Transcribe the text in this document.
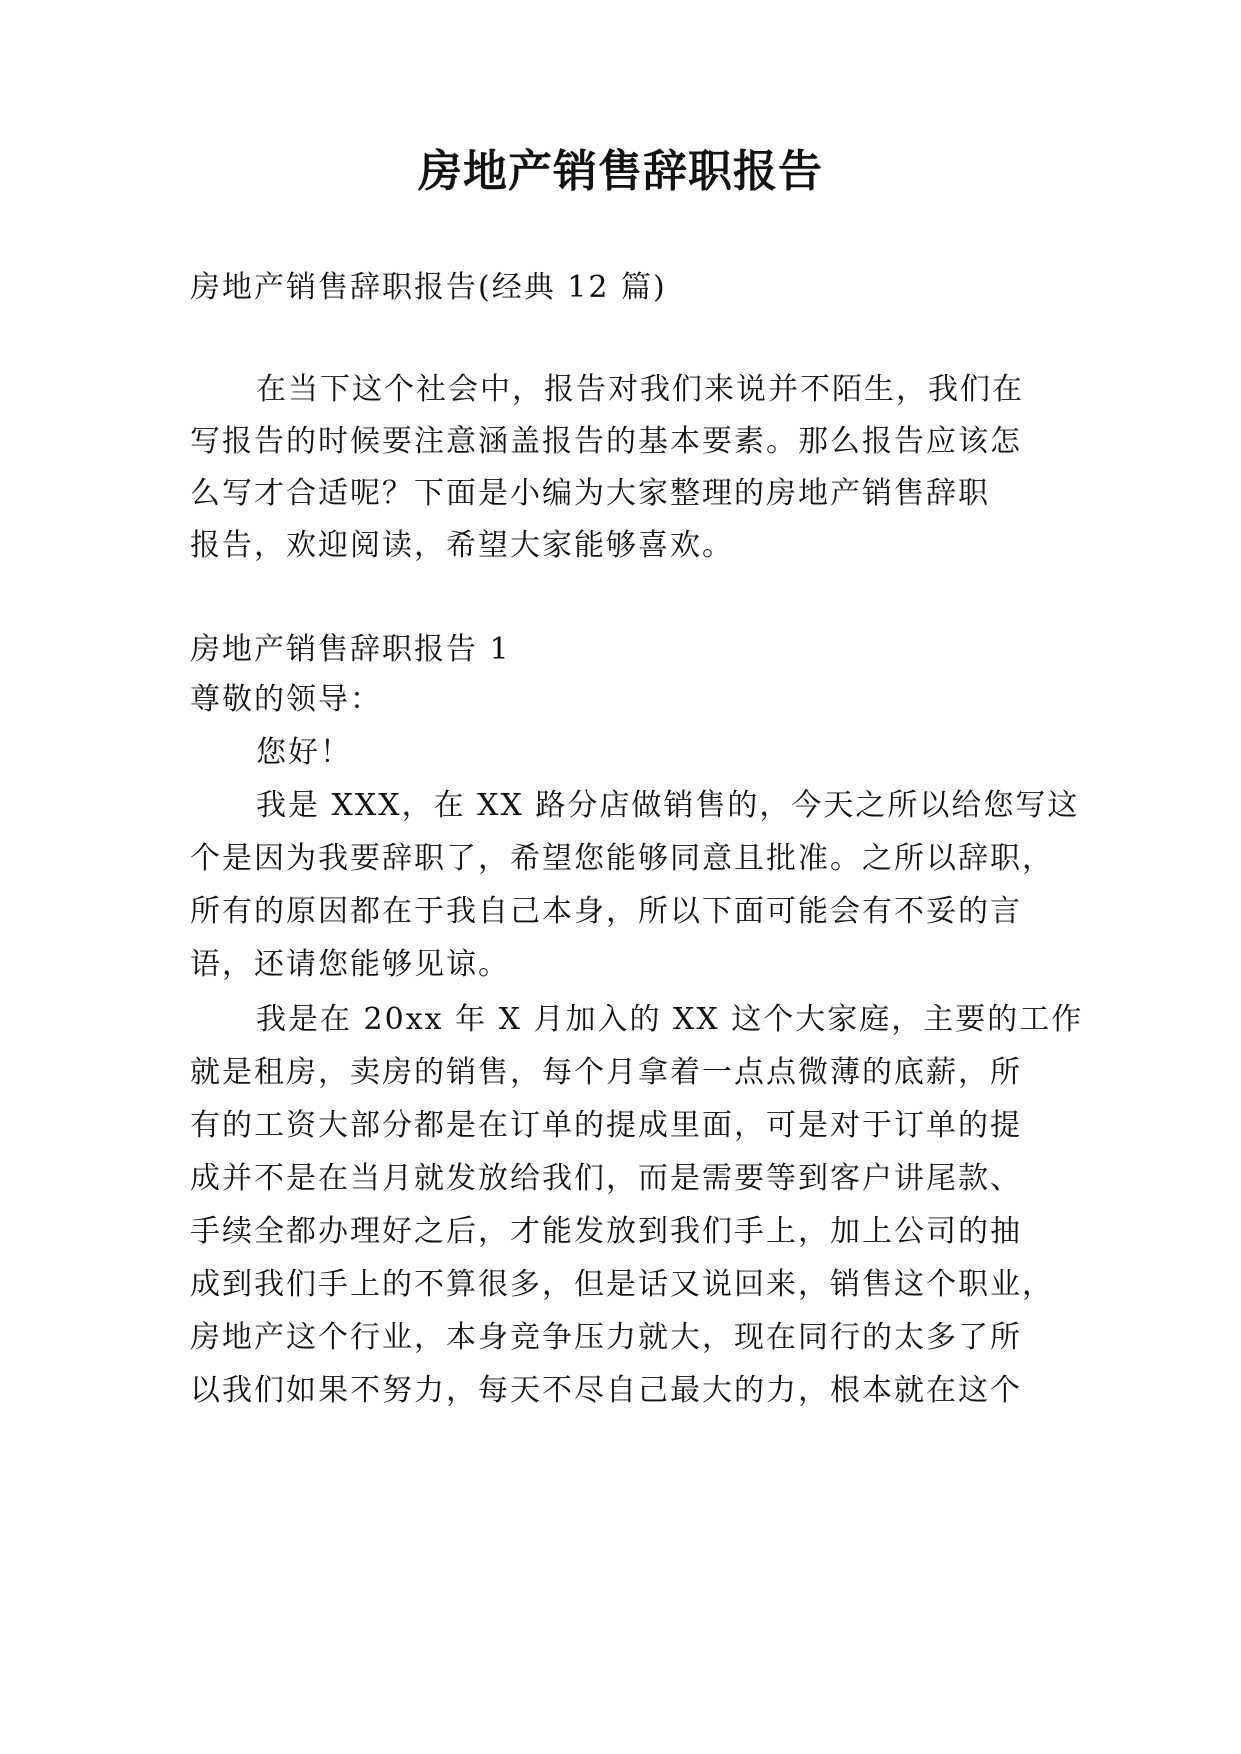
房地产销售辞职报告
房地产销售辞职报告(经典 12 篇)
在当下这个社会中，报告对我们来说并不陌生，我们在
写报告的时候要注意涵盖报告的基本要素。那么报告应该怎
么写才合适呢？下面是小编为大家整理的房地产销售辞职
报告，欢迎阅读，希望大家能够喜欢。
房地产销售辞职报告 1
尊敬的领导：
您好！
我是 XXX，在 XX 路分店做销售的，今天之所以给您写这
个是因为我要辞职了，希望您能够同意且批准。之所以辞职，
所有的原因都在于我自己本身，所以下面可能会有不妥的言
语，还请您能够见谅。
我是在 20xx 年 X 月加入的 XX 这个大家庭，主要的工作
就是租房，卖房的销售，每个月拿着一点点微薄的底薪，所
有的工资大部分都是在订单的提成里面，可是对于订单的提
成并不是在当月就发放给我们，而是需要等到客户讲尾款、
手续全都办理好之后，才能发放到我们手上，加上公司的抽
成到我们手上的不算很多，但是话又说回来，销售这个职业，
房地产这个行业，本身竞争压力就大，现在同行的太多了所
以我们如果不努力，每天不尽自己最大的力，根本就在这个
